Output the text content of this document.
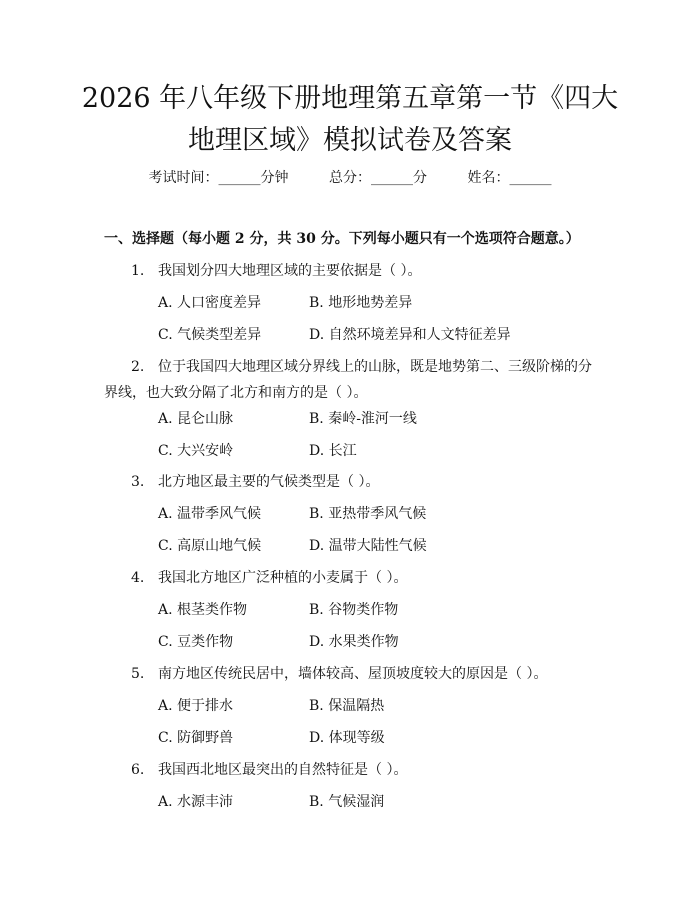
2026 年八年级下册地理第五章第一节《四大
地理区域》模拟试卷及答案
考试时间：______分钟	总分：______分	姓名：______
一、选择题（每小题 2 分，共 30 分。下列每小题只有一个选项符合题意。）
1. 我国划分四大地理区域的主要依据是（ ）。
A. 人口密度差异	B. 地形地势差异
C. 气候类型差异	D. 自然环境差异和人文特征差异
2. 位于我国四大地理区域分界线上的山脉，既是地势第二、三级阶梯的分界线，也大致分隔了北方和南方的是（ ）。
A. 昆仑山脉	B. 秦岭-淮河一线
C. 大兴安岭	D. 长江
3. 北方地区最主要的气候类型是（ ）。
A. 温带季风气候	B. 亚热带季风气候
C. 高原山地气候	D. 温带大陆性气候
4. 我国北方地区广泛种植的小麦属于（ ）。
A. 根茎类作物	B. 谷物类作物
C. 豆类作物	D. 水果类作物
5. 南方地区传统民居中，墙体较高、屋顶坡度较大的原因是（ ）。
A. 便于排水	B. 保温隔热
C. 防御野兽	D. 体现等级
6. 我国西北地区最突出的自然特征是（ ）。
A. 水源丰沛	B. 气候湿润
